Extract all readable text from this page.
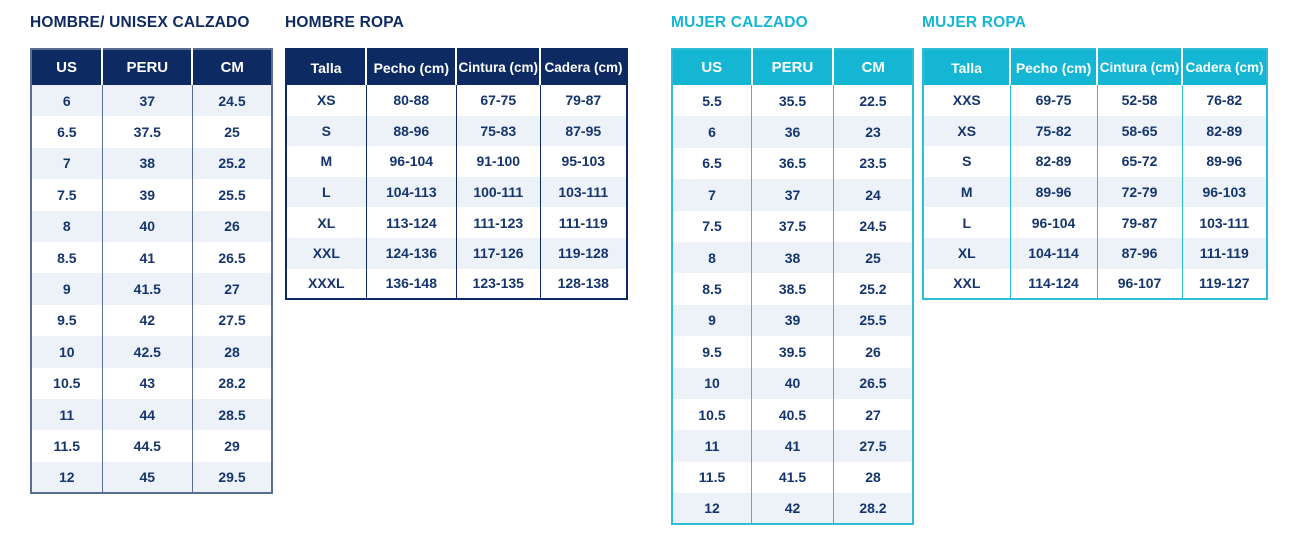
HOMBRE/ UNISEX CALZADO
US	PERU	CM
6	37	24.5
6.5	37.5	25
7	38	25.2
7.5	39	25.5
8	40	26
8.5	41	26.5
9	41.5	27
9.5	42	27.5
10	42.5	28
10.5	43	28.2
11	44	28.5
11.5	44.5	29
12	45	29.5
HOMBRE ROPA
Talla	Pecho (cm)	Cintura (cm)	Cadera (cm)
XS	80-88	67-75	79-87
S	88-96	75-83	87-95
M	96-104	91-100	95-103
L	104-113	100-111	103-111
XL	113-124	111-123	111-119
XXL	124-136	117-126	119-128
XXXL	136-148	123-135	128-138
MUJER CALZADO
US	PERU	CM
5.5	35.5	22.5
6	36	23
6.5	36.5	23.5
7	37	24
7.5	37.5	24.5
8	38	25
8.5	38.5	25.2
9	39	25.5
9.5	39.5	26
10	40	26.5
10.5	40.5	27
11	41	27.5
11.5	41.5	28
12	42	28.2
MUJER ROPA
Talla	Pecho (cm)	Cintura (cm)	Cadera (cm)
XXS	69-75	52-58	76-82
XS	75-82	58-65	82-89
S	82-89	65-72	89-96
M	89-96	72-79	96-103
L	96-104	79-87	103-111
XL	104-114	87-96	111-119
XXL	114-124	96-107	119-127
